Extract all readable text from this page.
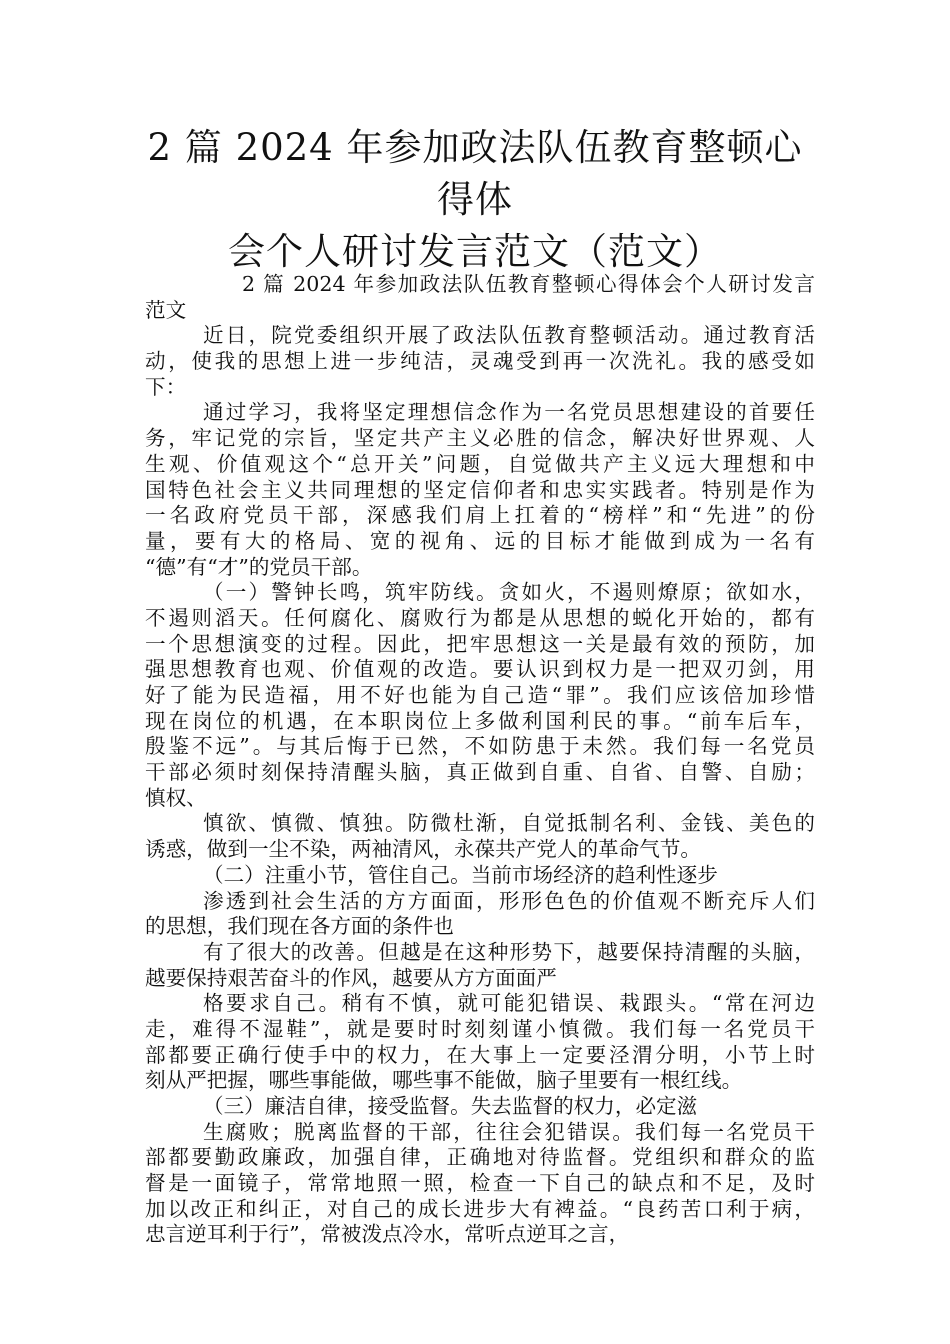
2 篇 2024 年参加政法队伍教育整顿心得体
会个人研讨发言范文（范文）
2 篇 2024 年参加政法队伍教育整顿心得体会个人研讨发言
范文
近日，院党委组织开展了政法队伍教育整顿活动。通过教育活
动，使我的思想上进一步纯洁，灵魂受到再一次洗礼。我的感受如
下：
通过学习，我将坚定理想信念作为一名党员思想建设的首要任
务，牢记党的宗旨，坚定共产主义必胜的信念，解决好世界观、人
生观、价值观这个“总开关”问题，自觉做共产主义远大理想和中
国特色社会主义共同理想的坚定信仰者和忠实实践者。特别是作为
一名政府党员干部，深感我们肩上扛着的“榜样”和“先进”的份
量，要有大的格局、宽的视角、远的目标才能做到成为一名有
“德”有“才”的党员干部。
（一）警钟长鸣，筑牢防线。贪如火，不遏则燎原；欲如水，
不遏则滔天。任何腐化、腐败行为都是从思想的蜕化开始的，都有
一个思想演变的过程。因此，把牢思想这一关是最有效的预防，加
强思想教育也观、价值观的改造。要认识到权力是一把双刃剑，用
好了能为民造福，用不好也能为自己造“罪”。我们应该倍加珍惜
现在岗位的机遇，在本职岗位上多做利国利民的事。“前车后车，
殷鉴不远”。与其后悔于已然，不如防患于未然。我们每一名党员
干部必须时刻保持清醒头脑，真正做到自重、自省、自警、自励；
慎权、
慎欲、慎微、慎独。防微杜渐，自觉抵制名利、金钱、美色的
诱惑，做到一尘不染，两袖清风，永葆共产党人的革命气节。
（二）注重小节，管住自己。当前市场经济的趋利性逐步
渗透到社会生活的方方面面，形形色色的价值观不断充斥人们
的思想，我们现在各方面的条件也
有了很大的改善。但越是在这种形势下，越要保持清醒的头脑，
越要保持艰苦奋斗的作风，越要从方方面面严
格要求自己。稍有不慎，就可能犯错误、栽跟头。“常在河边
走，难得不湿鞋”，就是要时时刻刻谨小慎微。我们每一名党员干
部都要正确行使手中的权力，在大事上一定要泾渭分明，小节上时
刻从严把握，哪些事能做，哪些事不能做，脑子里要有一根红线。
（三）廉洁自律，接受监督。失去监督的权力，必定滋
生腐败；脱离监督的干部，往往会犯错误。我们每一名党员干
部都要勤政廉政，加强自律，正确地对待监督。党组织和群众的监
督是一面镜子，常常地照一照，检查一下自己的缺点和不足，及时
加以改正和纠正，对自己的成长进步大有裨益。“良药苦口利于病，
忠言逆耳利于行”，常被泼点冷水，常听点逆耳之言，
